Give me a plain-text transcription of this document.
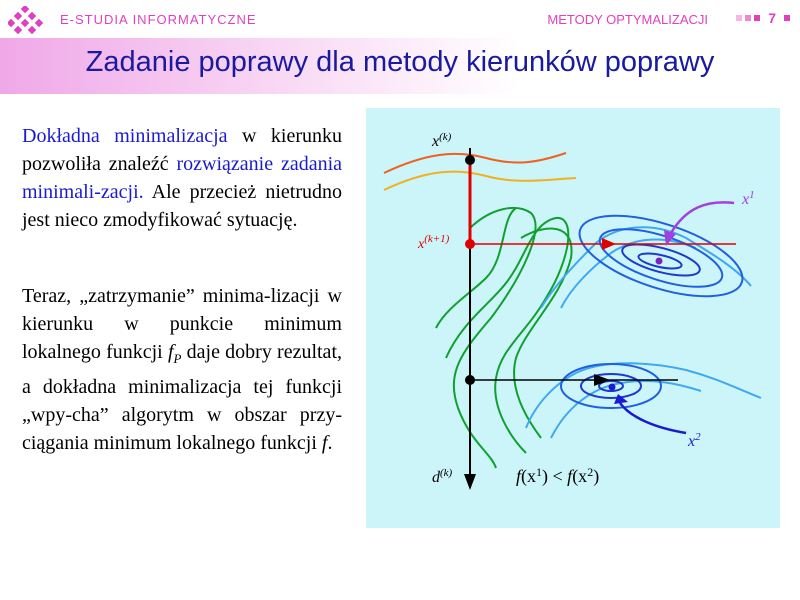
E-STUDIA INFORMATYCZNE	METODY OPTYMALIZACJI	7
Zadanie poprawy dla metody kierunków poprawy
Dokładna minimalizacja w kierunku pozwoliła znaleźć rozwiązanie zadania minimali-zacji. Ale przecież nietrudno jest nieco zmodyfikować sytuację.
Teraz, „zatrzymanie” minima-lizacji w kierunku w punkcie minimum lokalnego funkcji $f_P$ daje dobry rezultat, a dokładna minimalizacja tej funkcji „wpy-cha” algorytm w obszar przy-ciągania minimum lokalnego funkcji f.
$x^{(k)}$
$x^{(k+1)}$
$x^1$
$x^2$
$d^{(k)}$	$f(x^1) < f(x^2)$
